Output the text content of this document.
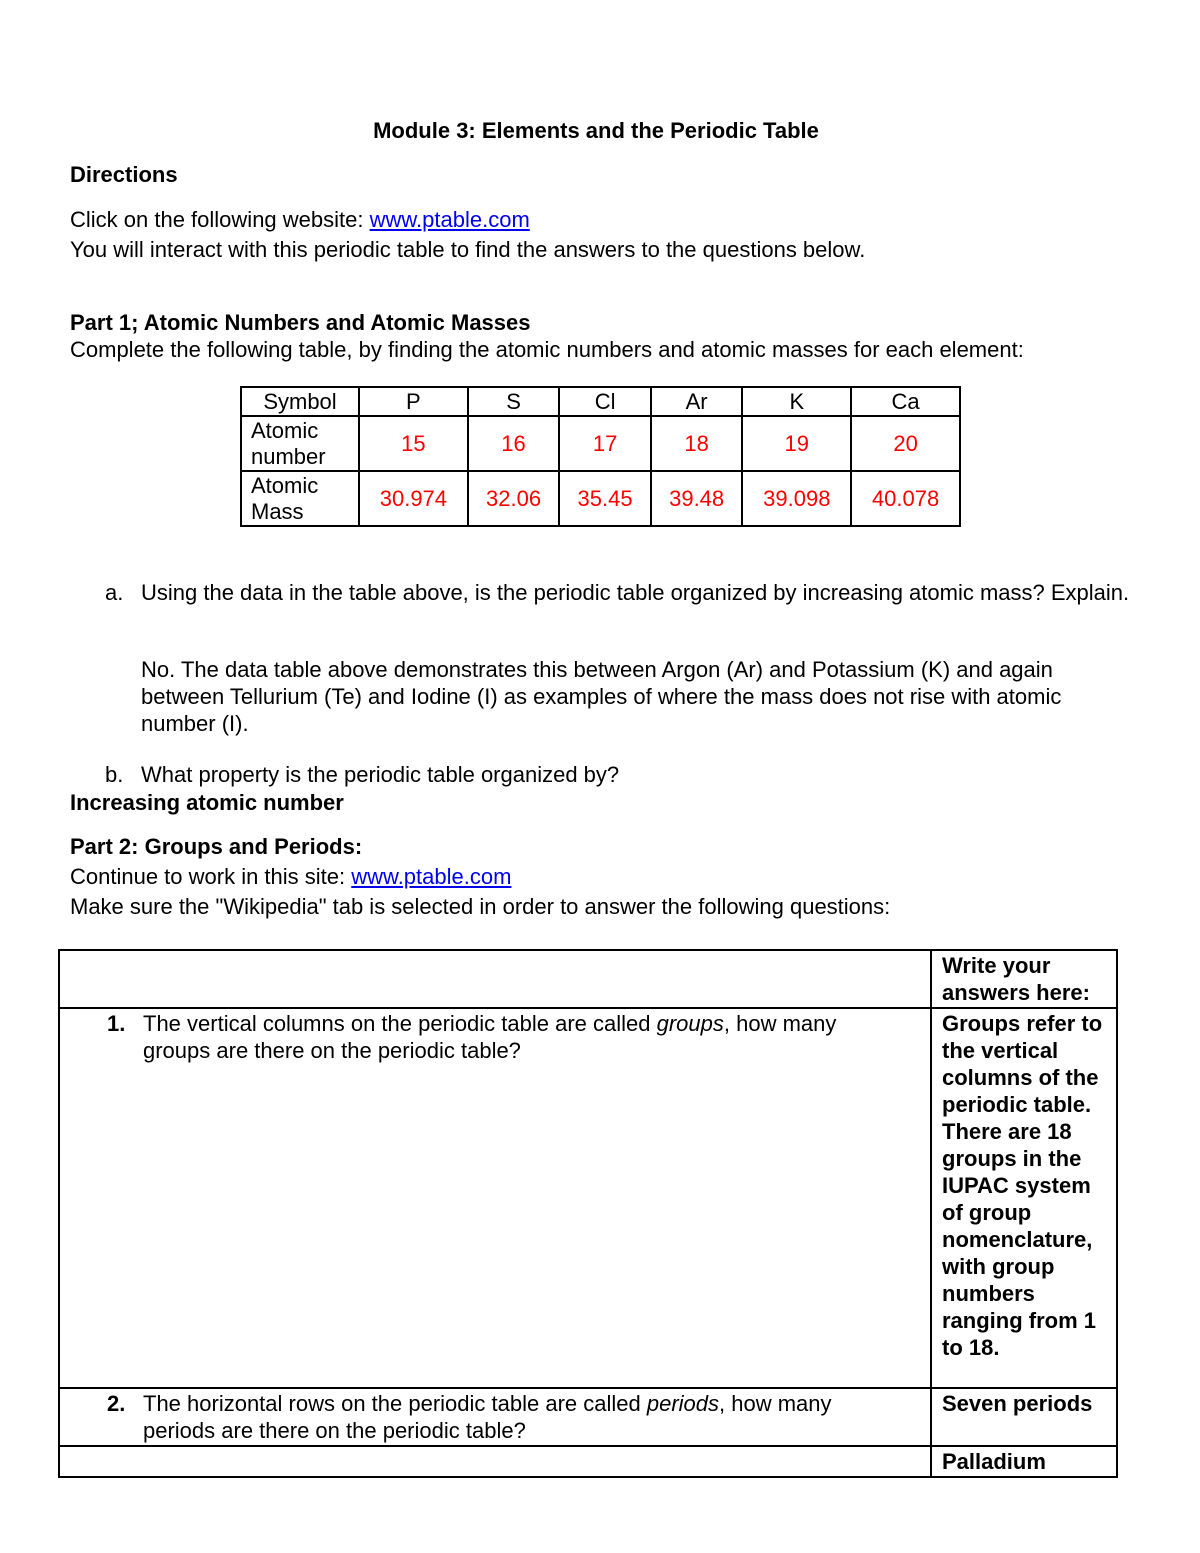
Module 3: Elements and the Periodic Table
Directions
Click on the following website: www.ptable.com
You will interact with this periodic table to find the answers to the questions below.
Part 1; Atomic Numbers and Atomic Masses
Complete the following table, by finding the atomic numbers and atomic masses for each element:
Symbol	P	S	Cl	Ar	K	Ca
Atomic number	15	16	17	18	19	20
Atomic Mass	30.974	32.06	35.45	39.48	39.098	40.078
a. Using the data in the table above, is the periodic table organized by increasing atomic mass? Explain.
No. The data table above demonstrates this between Argon (Ar) and Potassium (K) and again between Tellurium (Te) and Iodine (I) as examples of where the mass does not rise with atomic number (I).
b. What property is the periodic table organized by?
Increasing atomic number
Part 2: Groups and Periods:
Continue to work in this site: www.ptable.com
Make sure the "Wikipedia" tab is selected in order to answer the following questions:
	Write your answers here:

1. The vertical columns on the periodic table are called groups, how many groups are there on the periodic table?	Groups refer to the vertical columns of the periodic table. There are 18 groups in the IUPAC system of group nomenclature, with group numbers ranging from 1 to 18.

2. The horizontal rows on the periodic table are called periods, how many periods are there on the periodic table?	Seven periods
	Palladium
